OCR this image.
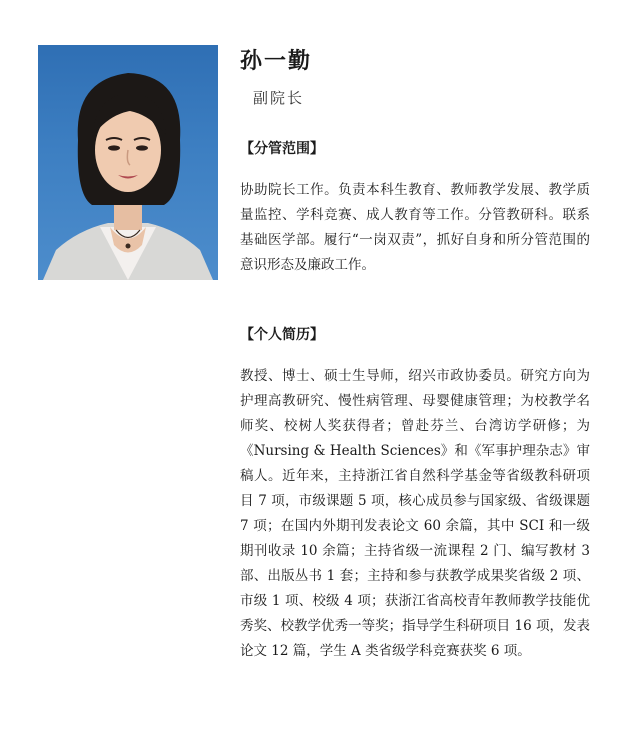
孙一勤
副院长
【分管范围】
协助院长工作。负责本科生教育、教师教学发展、教学质量监控、学科竞赛、成人教育等工作。分管教研科。联系基础医学部。履行“一岗双责”，抓好自身和所分管范围的意识形态及廉政工作。
【个人简历】
教授、博士、硕士生导师，绍兴市政协委员。研究方向为护理高教研究、慢性病管理、母婴健康管理；为校教学名师奖、校树人奖获得者；曾赴芬兰、台湾访学研修；为《Nursing & Health Sciences》和《军事护理杂志》审稿人。近年来，主持浙江省自然科学基金等省级教科研项目 7 项，市级课题 5 项，核心成员参与国家级、省级课题 7 项；在国内外期刊发表论文 60 余篇，其中 SCI 和一级期刊收录 10 余篇；主持省级一流课程 2 门、编写教材 3 部、出版丛书 1 套；主持和参与获教学成果奖省级 2 项、市级 1 项、校级 4 项；获浙江省高校青年教师教学技能优秀奖、校教学优秀一等奖；指导学生科研项目 16 项，发表论文 12 篇，学生 A 类省级学科竞赛获奖 6 项。
